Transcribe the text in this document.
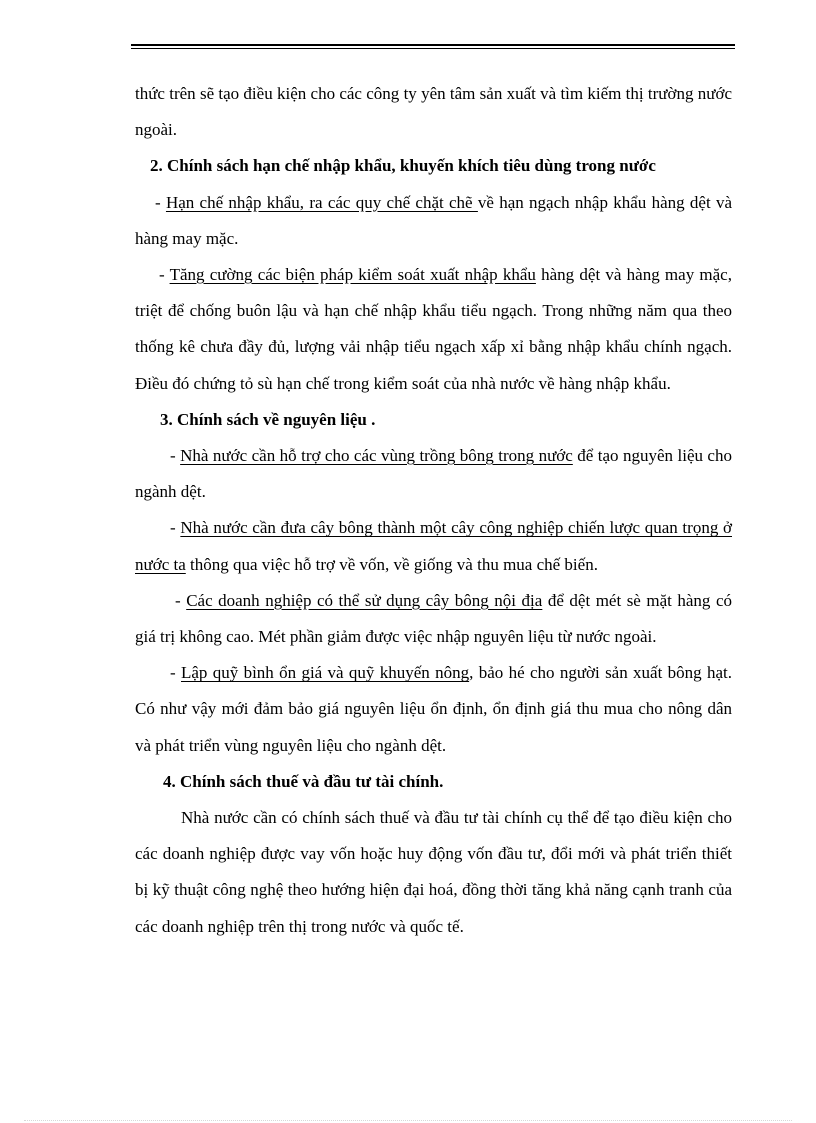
thức trên sẽ tạo điều kiện cho các công ty yên tâm sản xuất và tìm kiếm thị trường nước ngoài.

2. Chính sách hạn chế nhập khẩu, khuyến khích tiêu dùng trong nước

- Hạn chế nhập khẩu, ra các quy chế chặt chẽ về hạn ngạch nhập khẩu hàng dệt và hàng may mặc.

- Tăng cường các biện pháp kiểm soát xuất nhập khẩu hàng dệt và hàng may mặc, triệt để chống buôn lậu và hạn chế nhập khẩu tiểu ngạch. Trong những năm qua theo thống kê chưa đầy đủ, lượng vải nhập tiểu ngạch xấp xỉ bằng nhập khẩu chính ngạch. Điều đó chứng tỏ sù hạn chế trong kiểm soát của nhà nước về hàng nhập khẩu.

3. Chính sách về nguyên liệu .

- Nhà nước cần hỗ trợ cho các vùng trồng bông trong nước để tạo nguyên liệu cho ngành dệt.

- Nhà nước cần đưa cây bông thành một cây công nghiệp chiến lược quan trọng ở nước ta thông qua việc hỗ trợ về vốn, về giống và thu mua chế biến.

- Các doanh nghiệp có thể sử dụng cây bông nội địa để dệt mét sè mặt hàng có giá trị không cao. Mét phần giảm được việc nhập nguyên liệu từ nước ngoài.

- Lập quỹ bình ổn giá và quỹ khuyến nông, bảo hé cho người sản xuất bông hạt. Có như vậy mới đảm bảo giá nguyên liệu ổn định, ổn định giá thu mua cho nông dân và phát triển vùng nguyên liệu cho ngành dệt.

4. Chính sách thuế và đầu tư tài chính.

Nhà nước cần có chính sách thuế và đầu tư tài chính cụ thể để tạo điều kiện cho các doanh nghiệp được vay vốn hoặc huy động vốn đầu tư, đổi mới và phát triển thiết bị kỹ thuật công nghệ theo hướng hiện đại hoá, đồng thời tăng khả năng cạnh tranh của các doanh nghiệp trên thị trong nước và quốc tế.
